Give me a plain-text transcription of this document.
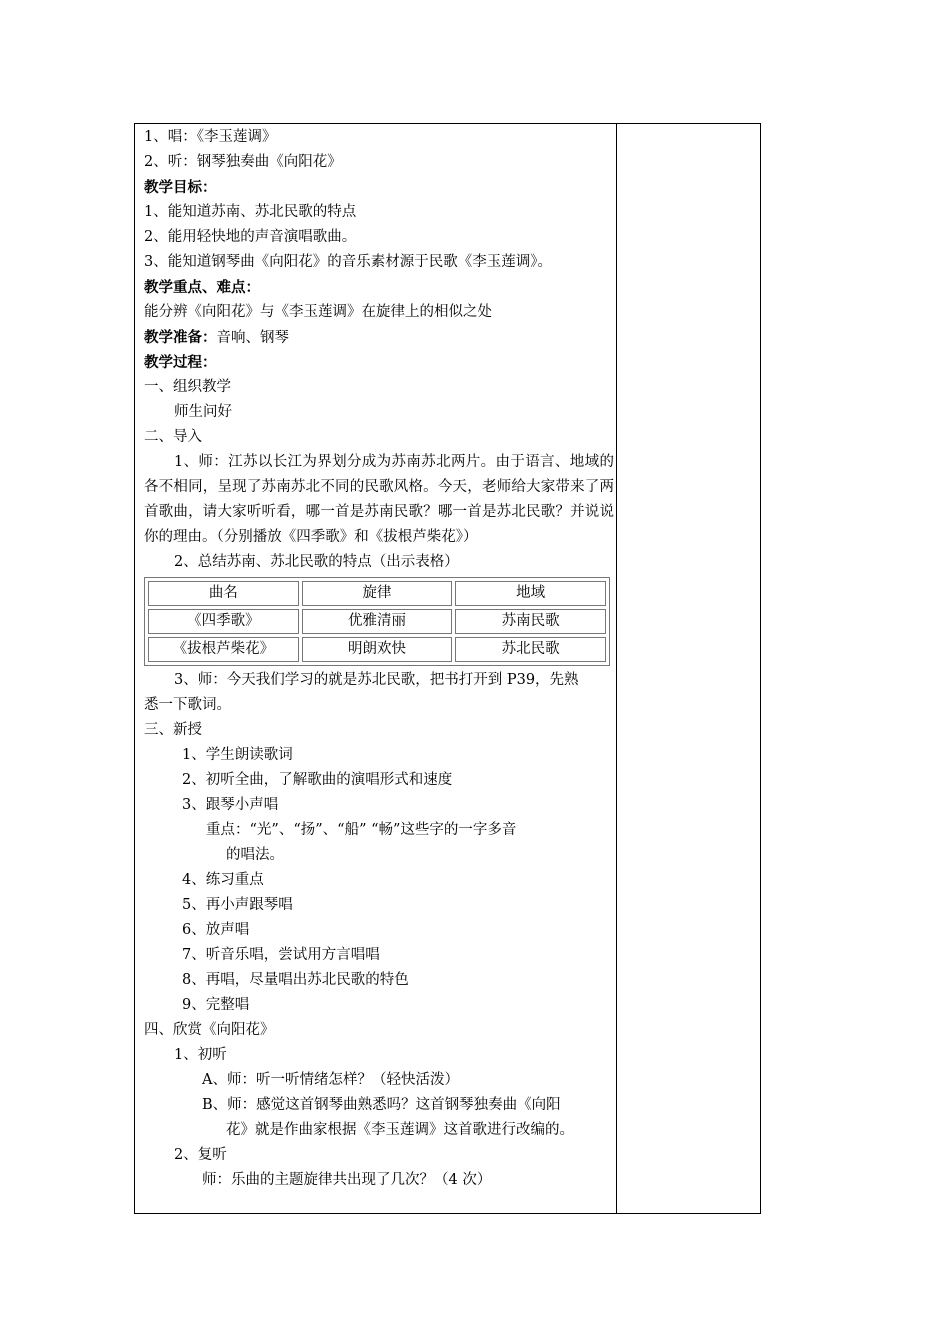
1、唱：《李玉莲调》
2、听：钢琴独奏曲《向阳花》
教学目标：
1、能知道苏南、苏北民歌的特点
2、能用轻快地的声音演唱歌曲。
3、能知道钢琴曲《向阳花》的音乐素材源于民歌《李玉莲调》。
教学重点、难点：
能分辨《向阳花》与《李玉莲调》在旋律上的相似之处
教学准备：音响、钢琴
教学过程：
一、组织教学
师生问好
二、导入
1、师：江苏以长江为界划分成为苏南苏北两片。由于语言、地域的各不相同，呈现了苏南苏北不同的民歌风格。今天，老师给大家带来了两首歌曲，请大家听听看，哪一首是苏南民歌？哪一首是苏北民歌？并说说你的理由。（分别播放《四季歌》和《拔根芦柴花》）
2、总结苏南、苏北民歌的特点（出示表格）
曲名	旋律	地域
《四季歌》	优雅清丽	苏南民歌
《拔根芦柴花》	明朗欢快	苏北民歌
3、师：今天我们学习的就是苏北民歌，把书打开到 P39，先熟
悉一下歌词。
三、新授
1、学生朗读歌词
2、初听全曲，了解歌曲的演唱形式和速度
3、跟琴小声唱
重点：“光”、“扬”、“船” “畅”这些字的一字多音
的唱法。
4、练习重点
5、再小声跟琴唱
6、放声唱
7、听音乐唱，尝试用方言唱唱
8、再唱，尽量唱出苏北民歌的特色
9、完整唱
四、欣赏《向阳花》
1、初听
A、师：听一听情绪怎样？（轻快活泼）
B、师：感觉这首钢琴曲熟悉吗？这首钢琴独奏曲《向阳
花》就是作曲家根据《李玉莲调》这首歌进行改编的。
2、复听
师：乐曲的主题旋律共出现了几次？（4 次）
